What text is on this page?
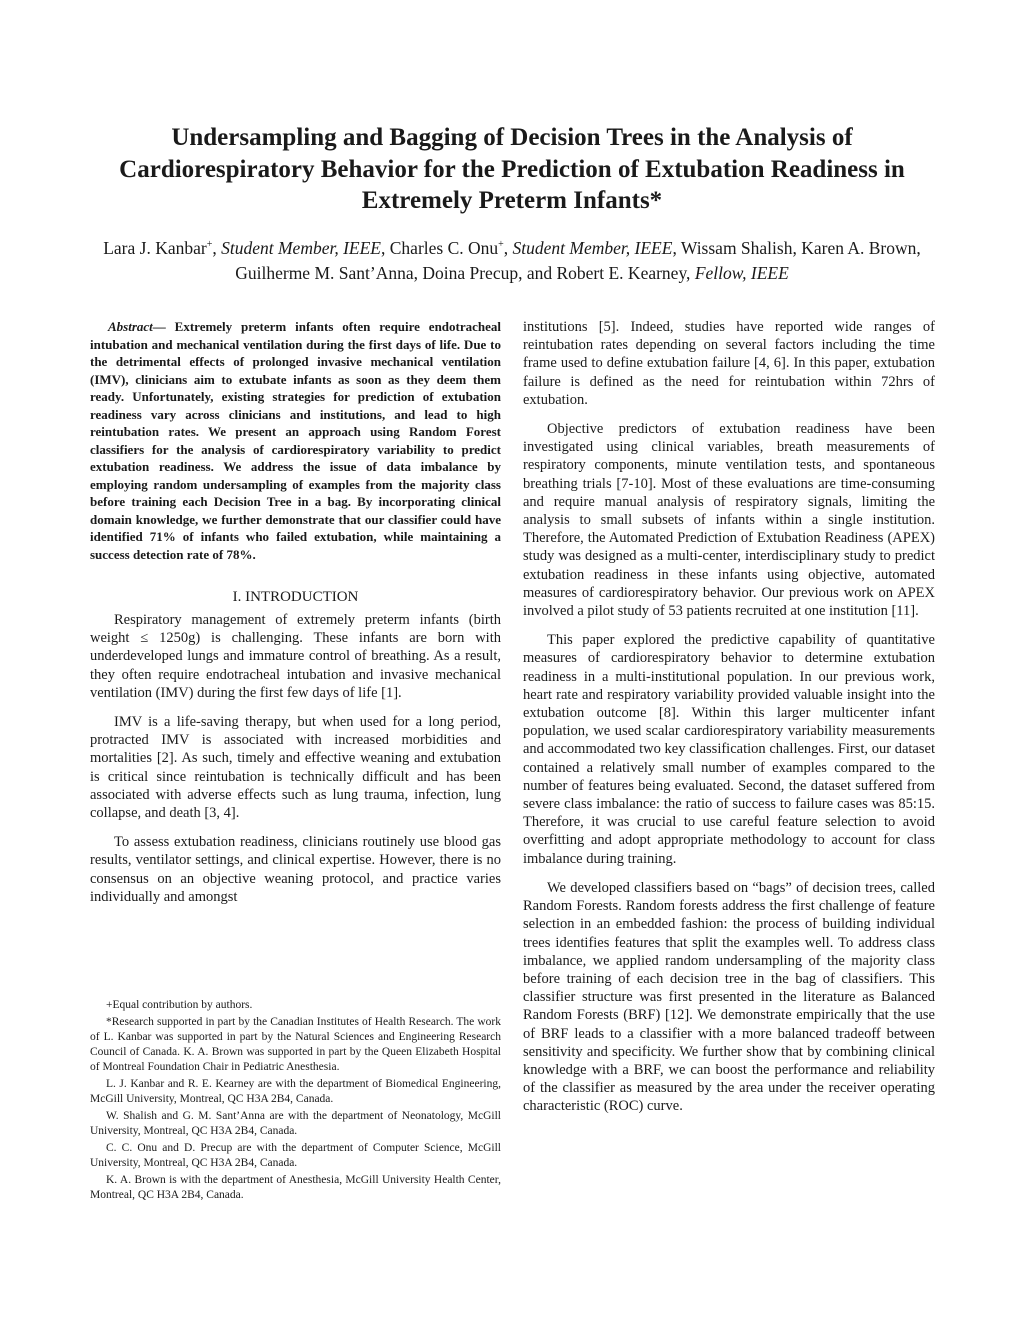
Undersampling and Bagging of Decision Trees in the Analysis of Cardiorespiratory Behavior for the Prediction of Extubation Readiness in Extremely Preterm Infants*

Lara J. Kanbar+, Student Member, IEEE, Charles C. Onu+, Student Member, IEEE, Wissam Shalish, Karen A. Brown, Guilherme M. Sant’Anna, Doina Precup, and Robert E. Kearney, Fellow, IEEE

Abstract— Extremely preterm infants often require endotracheal intubation and mechanical ventilation during the first days of life. Due to the detrimental effects of prolonged invasive mechanical ventilation (IMV), clinicians aim to extubate infants as soon as they deem them ready. Unfortunately, existing strategies for prediction of extubation readiness vary across clinicians and institutions, and lead to high reintubation rates. We present an approach using Random Forest classifiers for the analysis of cardiorespiratory variability to predict extubation readiness. We address the issue of data imbalance by employing random undersampling of examples from the majority class before training each Decision Tree in a bag. By incorporating clinical domain knowledge, we further demonstrate that our classifier could have identified 71% of infants who failed extubation, while maintaining a success detection rate of 78%.

I. INTRODUCTION

Respiratory management of extremely preterm infants (birth weight ≤ 1250g) is challenging. These infants are born with underdeveloped lungs and immature control of breathing. As a result, they often require endotracheal intubation and invasive mechanical ventilation (IMV) during the first few days of life [1].

IMV is a life-saving therapy, but when used for a long period, protracted IMV is associated with increased morbidities and mortalities [2]. As such, timely and effective weaning and extubation is critical since reintubation is technically difficult and has been associated with adverse effects such as lung trauma, infection, lung collapse, and death [3, 4].

To assess extubation readiness, clinicians routinely use blood gas results, ventilator settings, and clinical expertise. However, there is no consensus on an objective weaning protocol, and practice varies individually and amongst

+Equal contribution by authors.

*Research supported in part by the Canadian Institutes of Health Research. The work of L. Kanbar was supported in part by the Natural Sciences and Engineering Research Council of Canada. K. A. Brown was supported in part by the Queen Elizabeth Hospital of Montreal Foundation Chair in Pediatric Anesthesia.

L. J. Kanbar and R. E. Kearney are with the department of Biomedical Engineering, McGill University, Montreal, QC H3A 2B4, Canada.

W. Shalish and G. M. Sant’Anna are with the department of Neonatology, McGill University, Montreal, QC H3A 2B4, Canada.

C. C. Onu and D. Precup are with the department of Computer Science, McGill University, Montreal, QC H3A 2B4, Canada.

K. A. Brown is with the department of Anesthesia, McGill University Health Center, Montreal, QC H3A 2B4, Canada.

institutions [5]. Indeed, studies have reported wide ranges of reintubation rates depending on several factors including the time frame used to define extubation failure [4, 6]. In this paper, extubation failure is defined as the need for reintubation within 72hrs of extubation.

Objective predictors of extubation readiness have been investigated using clinical variables, breath measurements of respiratory components, minute ventilation tests, and spontaneous breathing trials [7-10]. Most of these evaluations are time-consuming and require manual analysis of respiratory signals, limiting the analysis to small subsets of infants within a single institution. Therefore, the Automated Prediction of Extubation Readiness (APEX) study was designed as a multi-center, interdisciplinary study to predict extubation readiness in these infants using objective, automated measures of cardiorespiratory behavior. Our previous work on APEX involved a pilot study of 53 patients recruited at one institution [11].

This paper explored the predictive capability of quantitative measures of cardiorespiratory behavior to determine extubation readiness in a multi-institutional population. In our previous work, heart rate and respiratory variability provided valuable insight into the extubation outcome [8]. Within this larger multicenter infant population, we used scalar cardiorespiratory variability measurements and accommodated two key classification challenges. First, our dataset contained a relatively small number of examples compared to the number of features being evaluated. Second, the dataset suffered from severe class imbalance: the ratio of success to failure cases was 85:15. Therefore, it was crucial to use careful feature selection to avoid overfitting and adopt appropriate methodology to account for class imbalance during training.

We developed classifiers based on “bags” of decision trees, called Random Forests. Random forests address the first challenge of feature selection in an embedded fashion: the process of building individual trees identifies features that split the examples well. To address class imbalance, we applied random undersampling of the majority class before training of each decision tree in the bag of classifiers. This classifier structure was first presented in the literature as Balanced Random Forests (BRF) [12]. We demonstrate empirically that the use of BRF leads to a classifier with a more balanced tradeoff between sensitivity and specificity. We further show that by combining clinical knowledge with a BRF, we can boost the performance and reliability of the classifier as measured by the area under the receiver operating characteristic (ROC) curve.
